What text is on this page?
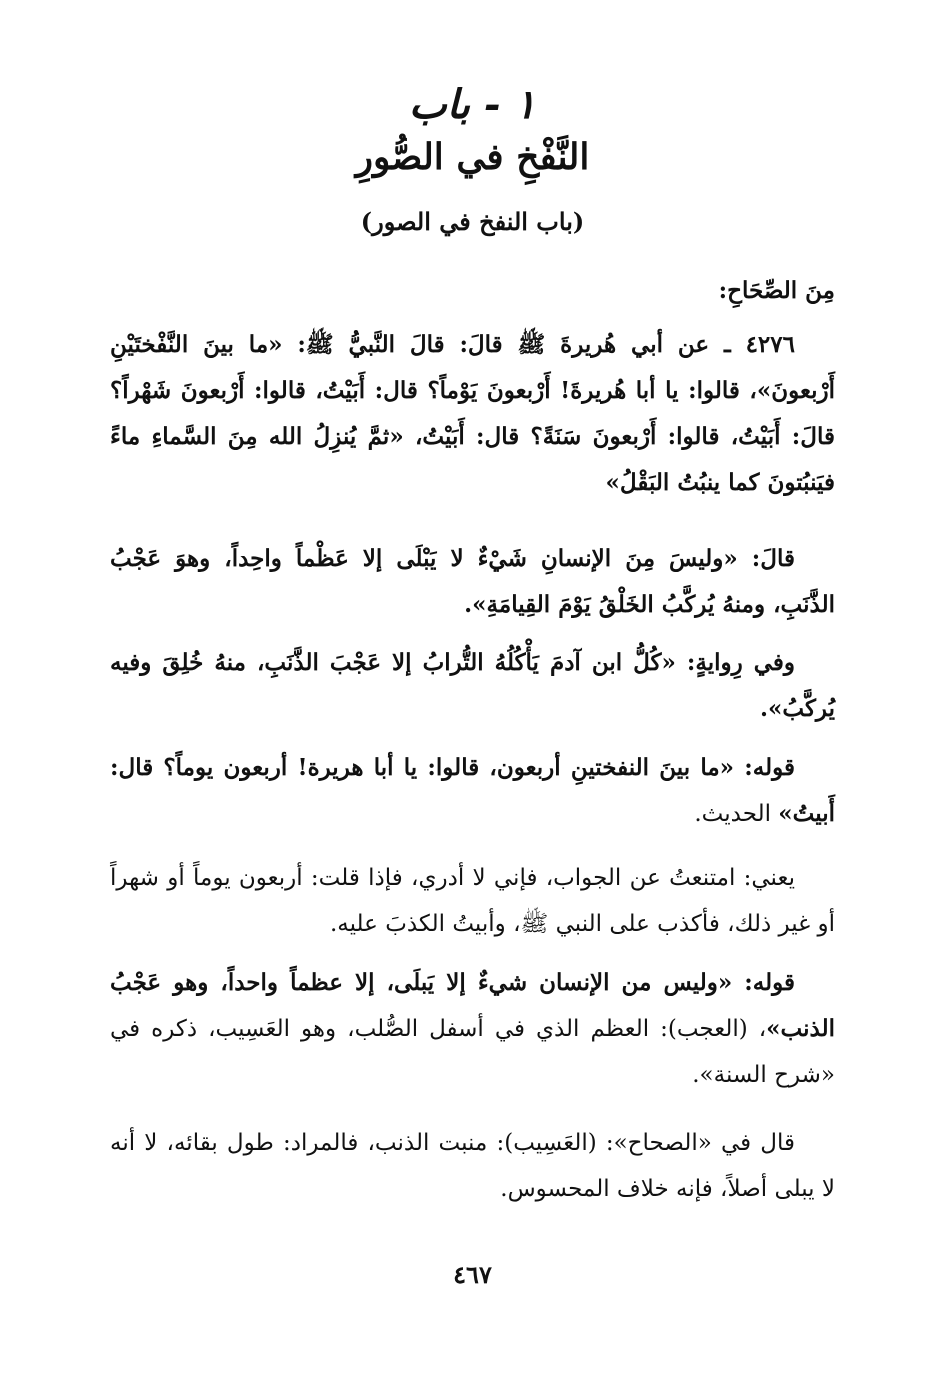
١ - باب
النَّفْخِ في الصُّورِ
(باب النفخ في الصور)
مِنَ الصِّحَاحِ:
٤٢٧٦ ـ عن أبي هُريرةَ ﷺ قالَ: قالَ النَّبيُّ ﷺ: «ما بينَ النَّفْختَيْنِ أَرْبعونَ»، قالوا: يا أبا هُريرةَ! أَرْبعونَ يَوْماً؟ قال: أَبَيْتُ، قالوا: أَرْبعونَ شَهْراً؟ قالَ: أَبَيْتُ، قالوا: أَرْبعونَ سَنَةً؟ قال: أَبَيْتُ، «ثمَّ يُنزِلُ الله مِنَ السَّماءِ ماءً فيَنبُتونَ كما ينبُتُ البَقْلُ»
قالَ: «وليسَ مِنَ الإنسانِ شَيْءٌ لا يَبْلَى إلا عَظْماً واحِداً، وهوَ عَجْبُ الذَّنَبِ، ومنهُ يُركَّبُ الخَلْقُ يَوْمَ القِيامَةِ».
وفي رِوايةٍ: «كُلُّ ابن آدمَ يَأْكُلُهُ التُّرابُ إلا عَجْبَ الذَّنَبِ، منهُ خُلِقَ وفيه يُركَّبُ».
قوله: «ما بينَ النفختينِ أربعون، قالوا: يا أبا هريرة! أربعون يوماً؟ قال: أَبيتُ» الحديث.
يعني: امتنعتُ عن الجواب، فإني لا أدري، فإذا قلت: أربعون يوماً أو شهراً أو غير ذلك، فأكذب على النبي ﷺ، وأبيتُ الكذبَ عليه.
قوله: «وليس من الإنسان شيءٌ إلا يَبلَى، إلا عظماً واحداً، وهو عَجْبُ الذنب»، (العجب): العظم الذي في أسفل الصُّلب، وهو العَسِيب، ذكره في «شرح السنة».
قال في «الصحاح»: (العَسِيب): منبت الذنب، فالمراد: طول بقائه، لا أنه لا يبلى أصلاً، فإنه خلاف المحسوس.
٤٦٧
